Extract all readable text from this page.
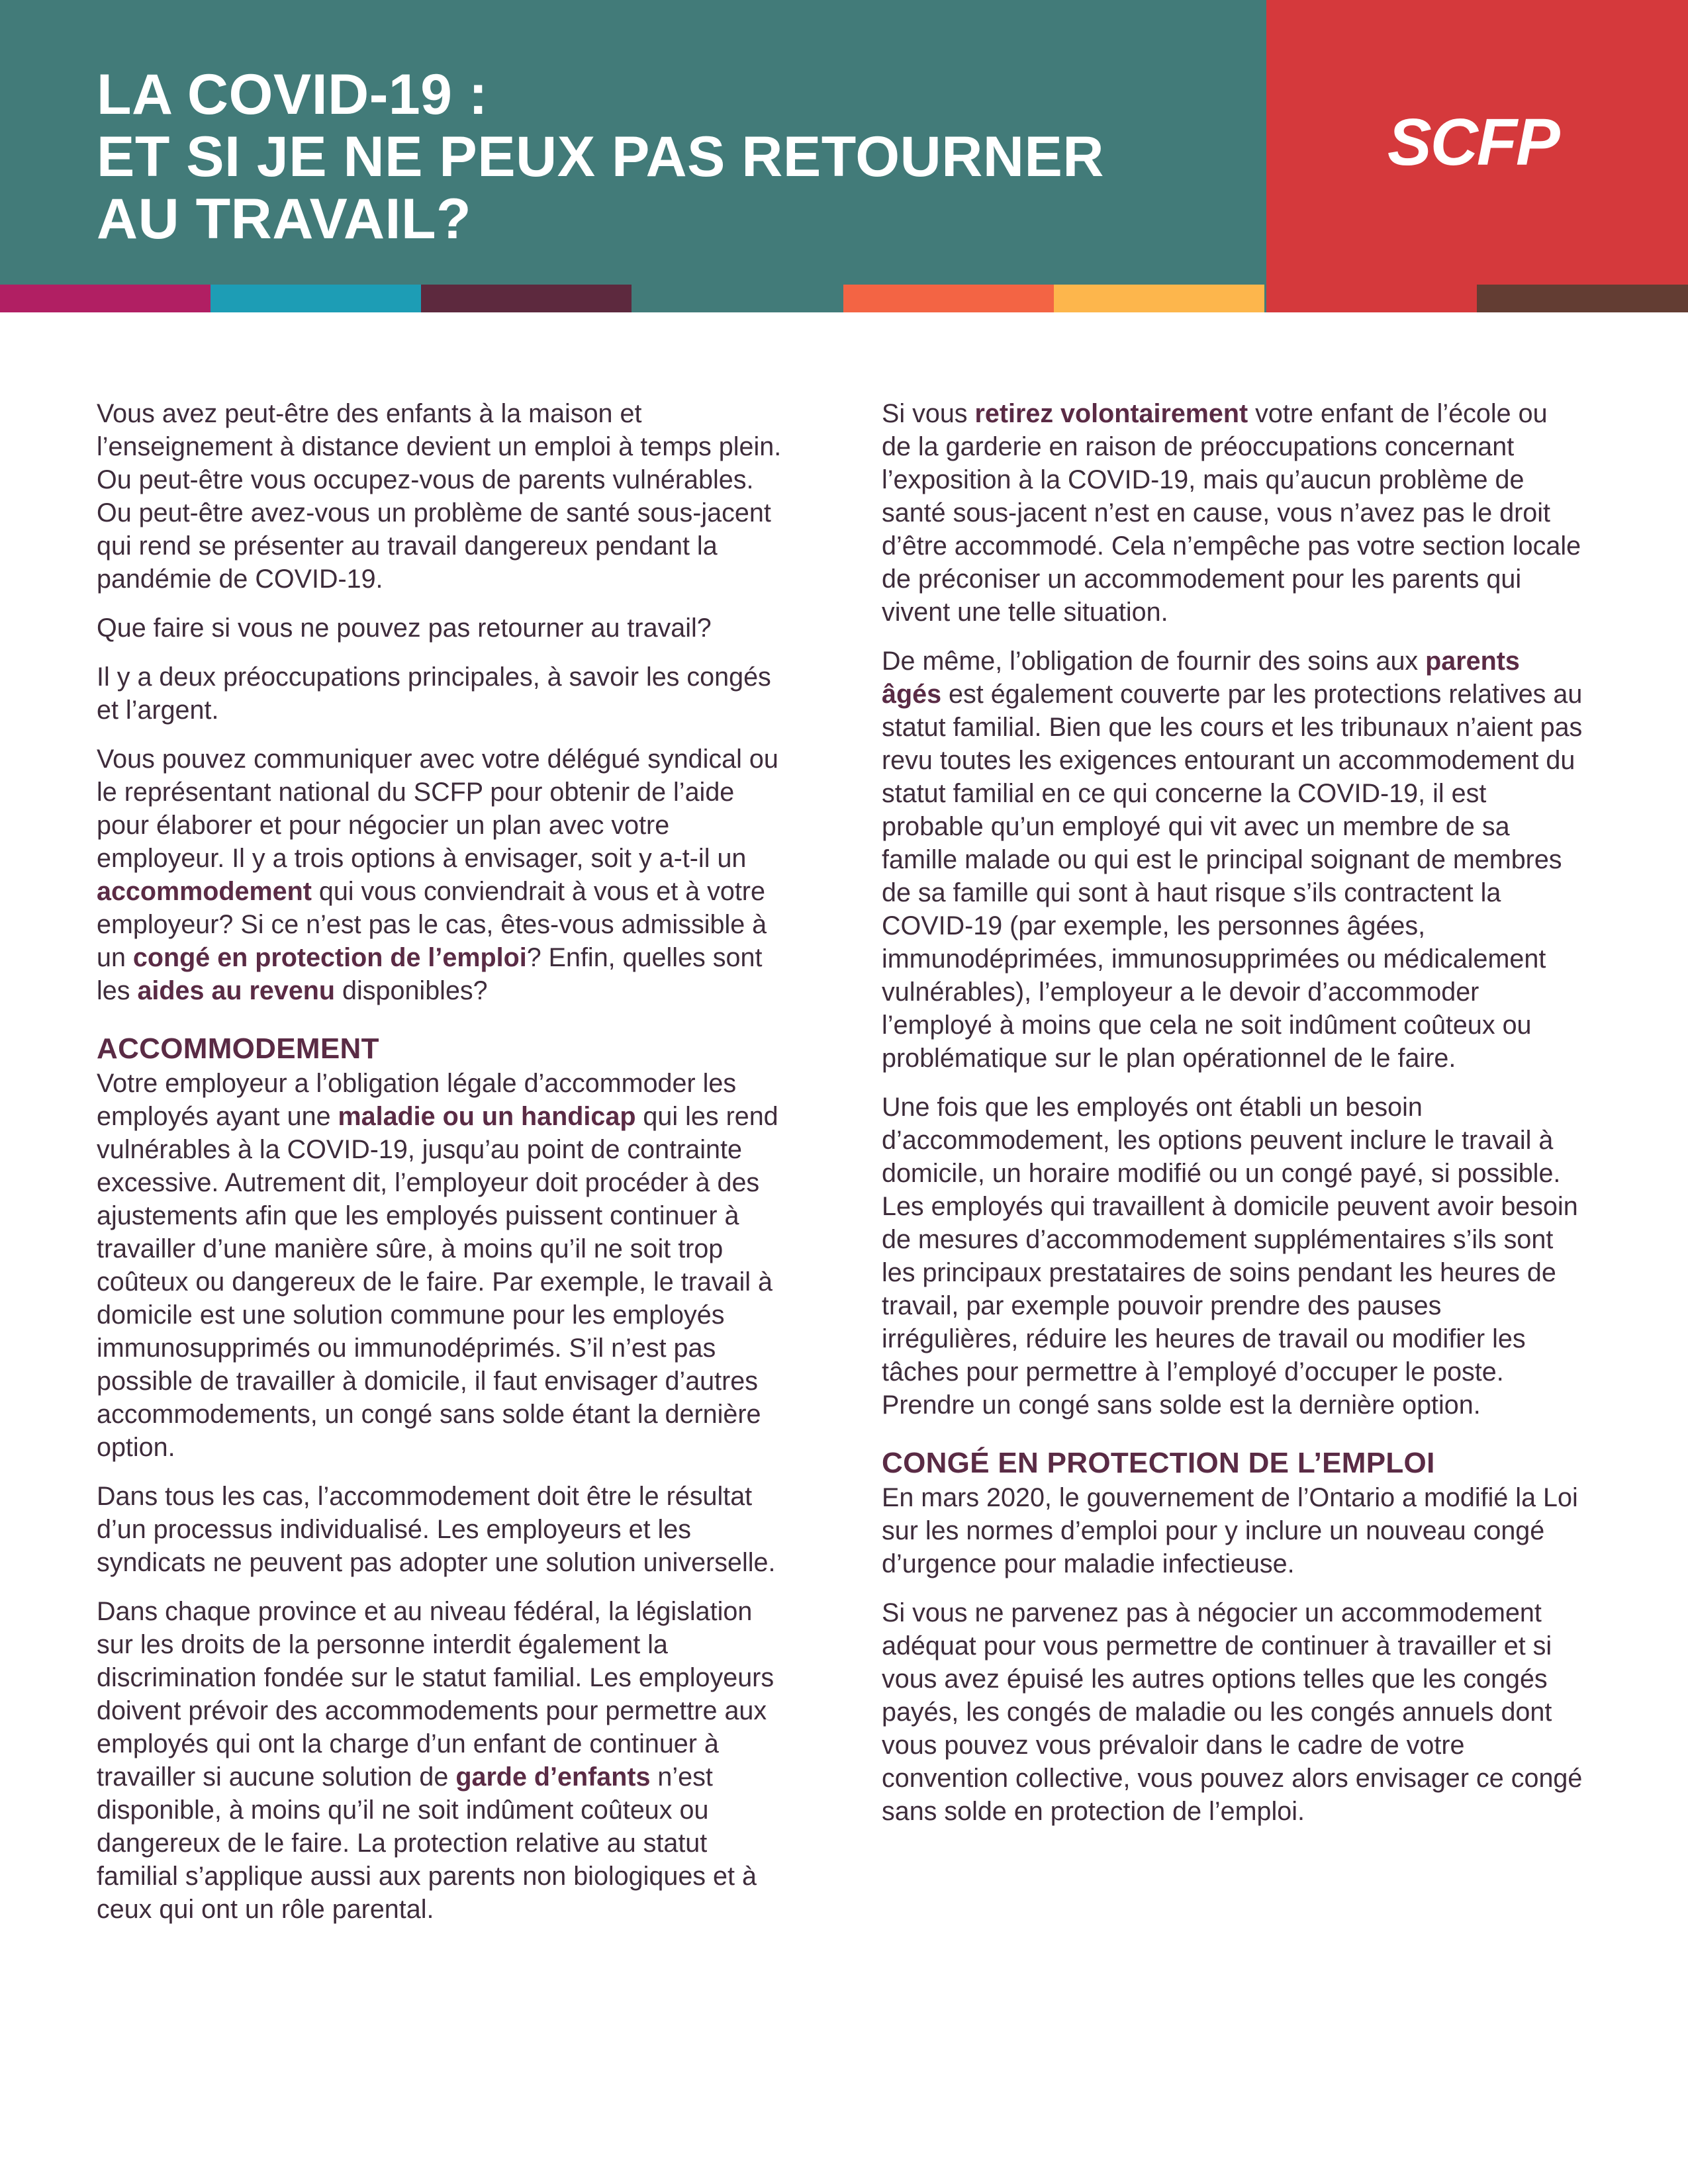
LA COVID-19 :
ET SI JE NE PEUX PAS RETOURNER
AU TRAVAIL?
SCFP

Vous avez peut-être des enfants à la maison et l’enseignement à distance devient un emploi à temps plein. Ou peut-être vous occupez-vous de parents vulnérables. Ou peut-être avez-vous un problème de santé sous-jacent qui rend se présenter au travail dangereux pendant la pandémie de COVID-19.

Que faire si vous ne pouvez pas retourner au travail?

Il y a deux préoccupations principales, à savoir les congés et l’argent.

Vous pouvez communiquer avec votre délégué syndical ou le représentant national du SCFP pour obtenir de l’aide pour élaborer et pour négocier un plan avec votre employeur. Il y a trois options à envisager, soit y a-t-il un accommodement qui vous conviendrait à vous et à votre employeur? Si ce n’est pas le cas, êtes-vous admissible à un congé en protection de l’emploi? Enfin, quelles sont les aides au revenu disponibles?

ACCOMMODEMENT

Votre employeur a l’obligation légale d’accommoder les employés ayant une maladie ou un handicap qui les rend vulnérables à la COVID-19, jusqu’au point de contrainte excessive. Autrement dit, l’employeur doit procéder à des ajustements afin que les employés puissent continuer à travailler d’une manière sûre, à moins qu’il ne soit trop coûteux ou dangereux de le faire. Par exemple, le travail à domicile est une solution commune pour les employés immunosupprimés ou immunodéprimés. S’il n’est pas possible de travailler à domicile, il faut envisager d’autres accommodements, un congé sans solde étant la dernière option.

Dans tous les cas, l’accommodement doit être le résultat d’un processus individualisé. Les employeurs et les syndicats ne peuvent pas adopter une solution universelle.

Dans chaque province et au niveau fédéral, la législation sur les droits de la personne interdit également la discrimination fondée sur le statut familial. Les employeurs doivent prévoir des accommodements pour permettre aux employés qui ont la charge d’un enfant de continuer à travailler si aucune solution de garde d’enfants n’est disponible, à moins qu’il ne soit indûment coûteux ou dangereux de le faire. La protection relative au statut familial s’applique aussi aux parents non biologiques et à ceux qui ont un rôle parental.

Si vous retirez volontairement votre enfant de l’école ou de la garderie en raison de préoccupations concernant l’exposition à la COVID-19, mais qu’aucun problème de santé sous-jacent n’est en cause, vous n’avez pas le droit d’être accommodé. Cela n’empêche pas votre section locale de préconiser un accommodement pour les parents qui vivent une telle situation.

De même, l’obligation de fournir des soins aux parents âgés est également couverte par les protections relatives au statut familial. Bien que les cours et les tribunaux n’aient pas revu toutes les exigences entourant un accommodement du statut familial en ce qui concerne la COVID-19, il est probable qu’un employé qui vit avec un membre de sa famille malade ou qui est le principal soignant de membres de sa famille qui sont à haut risque s’ils contractent la COVID-19 (par exemple, les personnes âgées, immunodéprimées, immunosupprimées ou médicalement vulnérables), l’employeur a le devoir d’accommoder l’employé à moins que cela ne soit indûment coûteux ou problématique sur le plan opérationnel de le faire.

Une fois que les employés ont établi un besoin d’accommodement, les options peuvent inclure le travail à domicile, un horaire modifié ou un congé payé, si possible. Les employés qui travaillent à domicile peuvent avoir besoin de mesures d’accommodement supplémentaires s’ils sont les principaux prestataires de soins pendant les heures de travail, par exemple pouvoir prendre des pauses irrégulières, réduire les heures de travail ou modifier les tâches pour permettre à l’employé d’occuper le poste. Prendre un congé sans solde est la dernière option.

CONGÉ EN PROTECTION DE L’EMPLOI

En mars 2020, le gouvernement de l’Ontario a modifié la Loi sur les normes d’emploi pour y inclure un nouveau congé d’urgence pour maladie infectieuse.

Si vous ne parvenez pas à négocier un accommodement adéquat pour vous permettre de continuer à travailler et si vous avez épuisé les autres options telles que les congés payés, les congés de maladie ou les congés annuels dont vous pouvez vous prévaloir dans le cadre de votre convention collective, vous pouvez alors envisager ce congé sans solde en protection de l’emploi.
